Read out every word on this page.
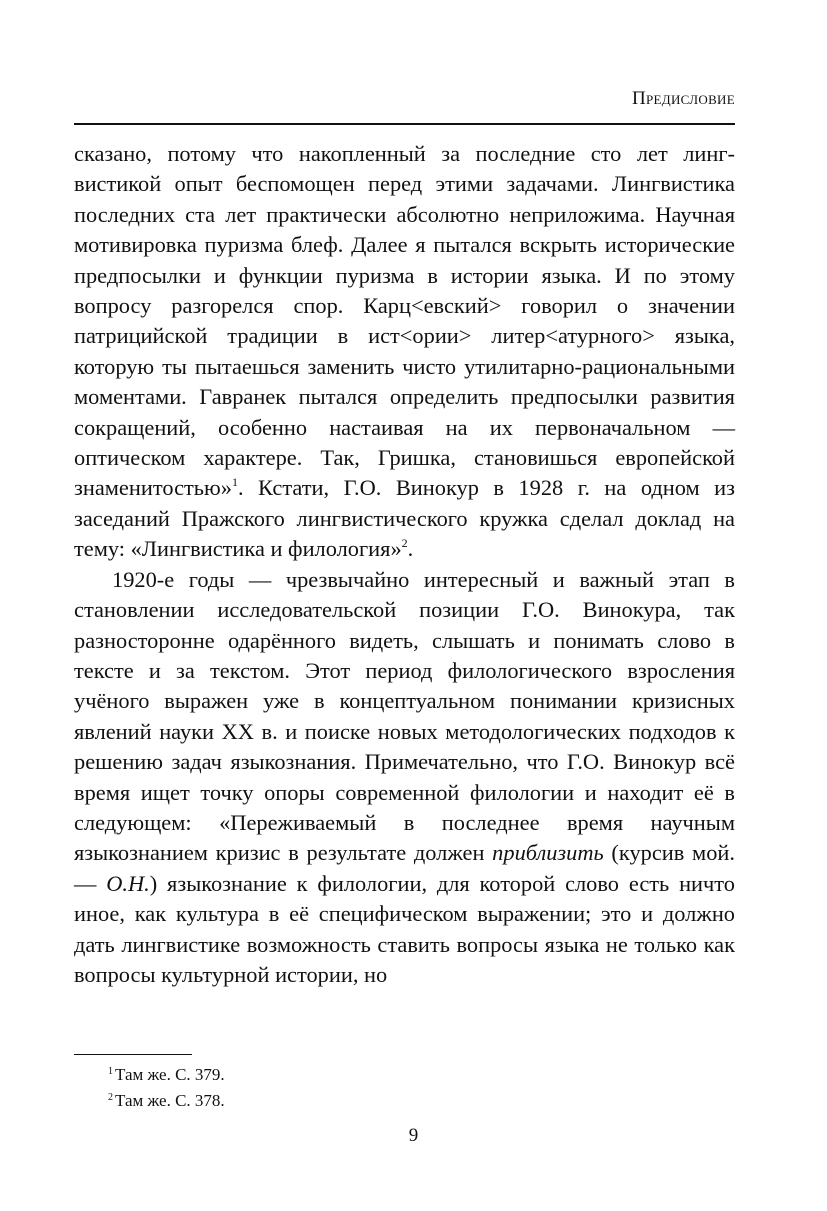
Предисловие

сказано, потому что накопленный за последние сто лет лингвистикой опыт беспомощен перед этими задачами. Лингвистика последних ста лет практически абсолютно неприложима. Научная мотивировка пуризма блеф. Далее я пытался вскрыть исторические предпосылки и функции пуризма в истории языка. И по этому вопросу разгорелся спор. Карц<евский> говорил о значении патрицийской традиции в ист<ории> литер<атурного> языка, которую ты пытаешься заменить чисто утилитарно-рациональными моментами. Гавранек пытался определить предпосылки развития сокращений, особенно настаивая на их первоначальном — оптическом характере. Так, Гришка, становишься европейской знаменитостью»$^1$. Кстати, Г.О. Винокур в 1928 г. на одном из заседаний Пражского лингвистического кружка сделал доклад на тему: «Лингвистика и филология»$^2$.

1920-е годы — чрезвычайно интересный и важный этап в становлении исследовательской позиции Г.О. Винокура, так разносторонне одарённого видеть, слышать и понимать слово в тексте и за текстом. Этот период филологического взросления учёного выражен уже в концептуальном понимании кризисных явлений науки XX в. и поиске новых методологических подходов к решению задач языкознания. Примечательно, что Г.О. Винокур всё время ищет точку опоры современной филологии и находит её в следующем: «Переживаемый в последнее время научным языкознанием кризис в результате должен приблизить (курсив мой. — О.Н.) языкознание к филологии, для которой слово есть ничто иное, как культура в её специфическом выражении; это и должно дать лингвистике возможность ставить вопросы языка не только как вопросы культурной истории, но

$^1$ Там же. С. 379.
$^2$ Там же. С. 378.
9
